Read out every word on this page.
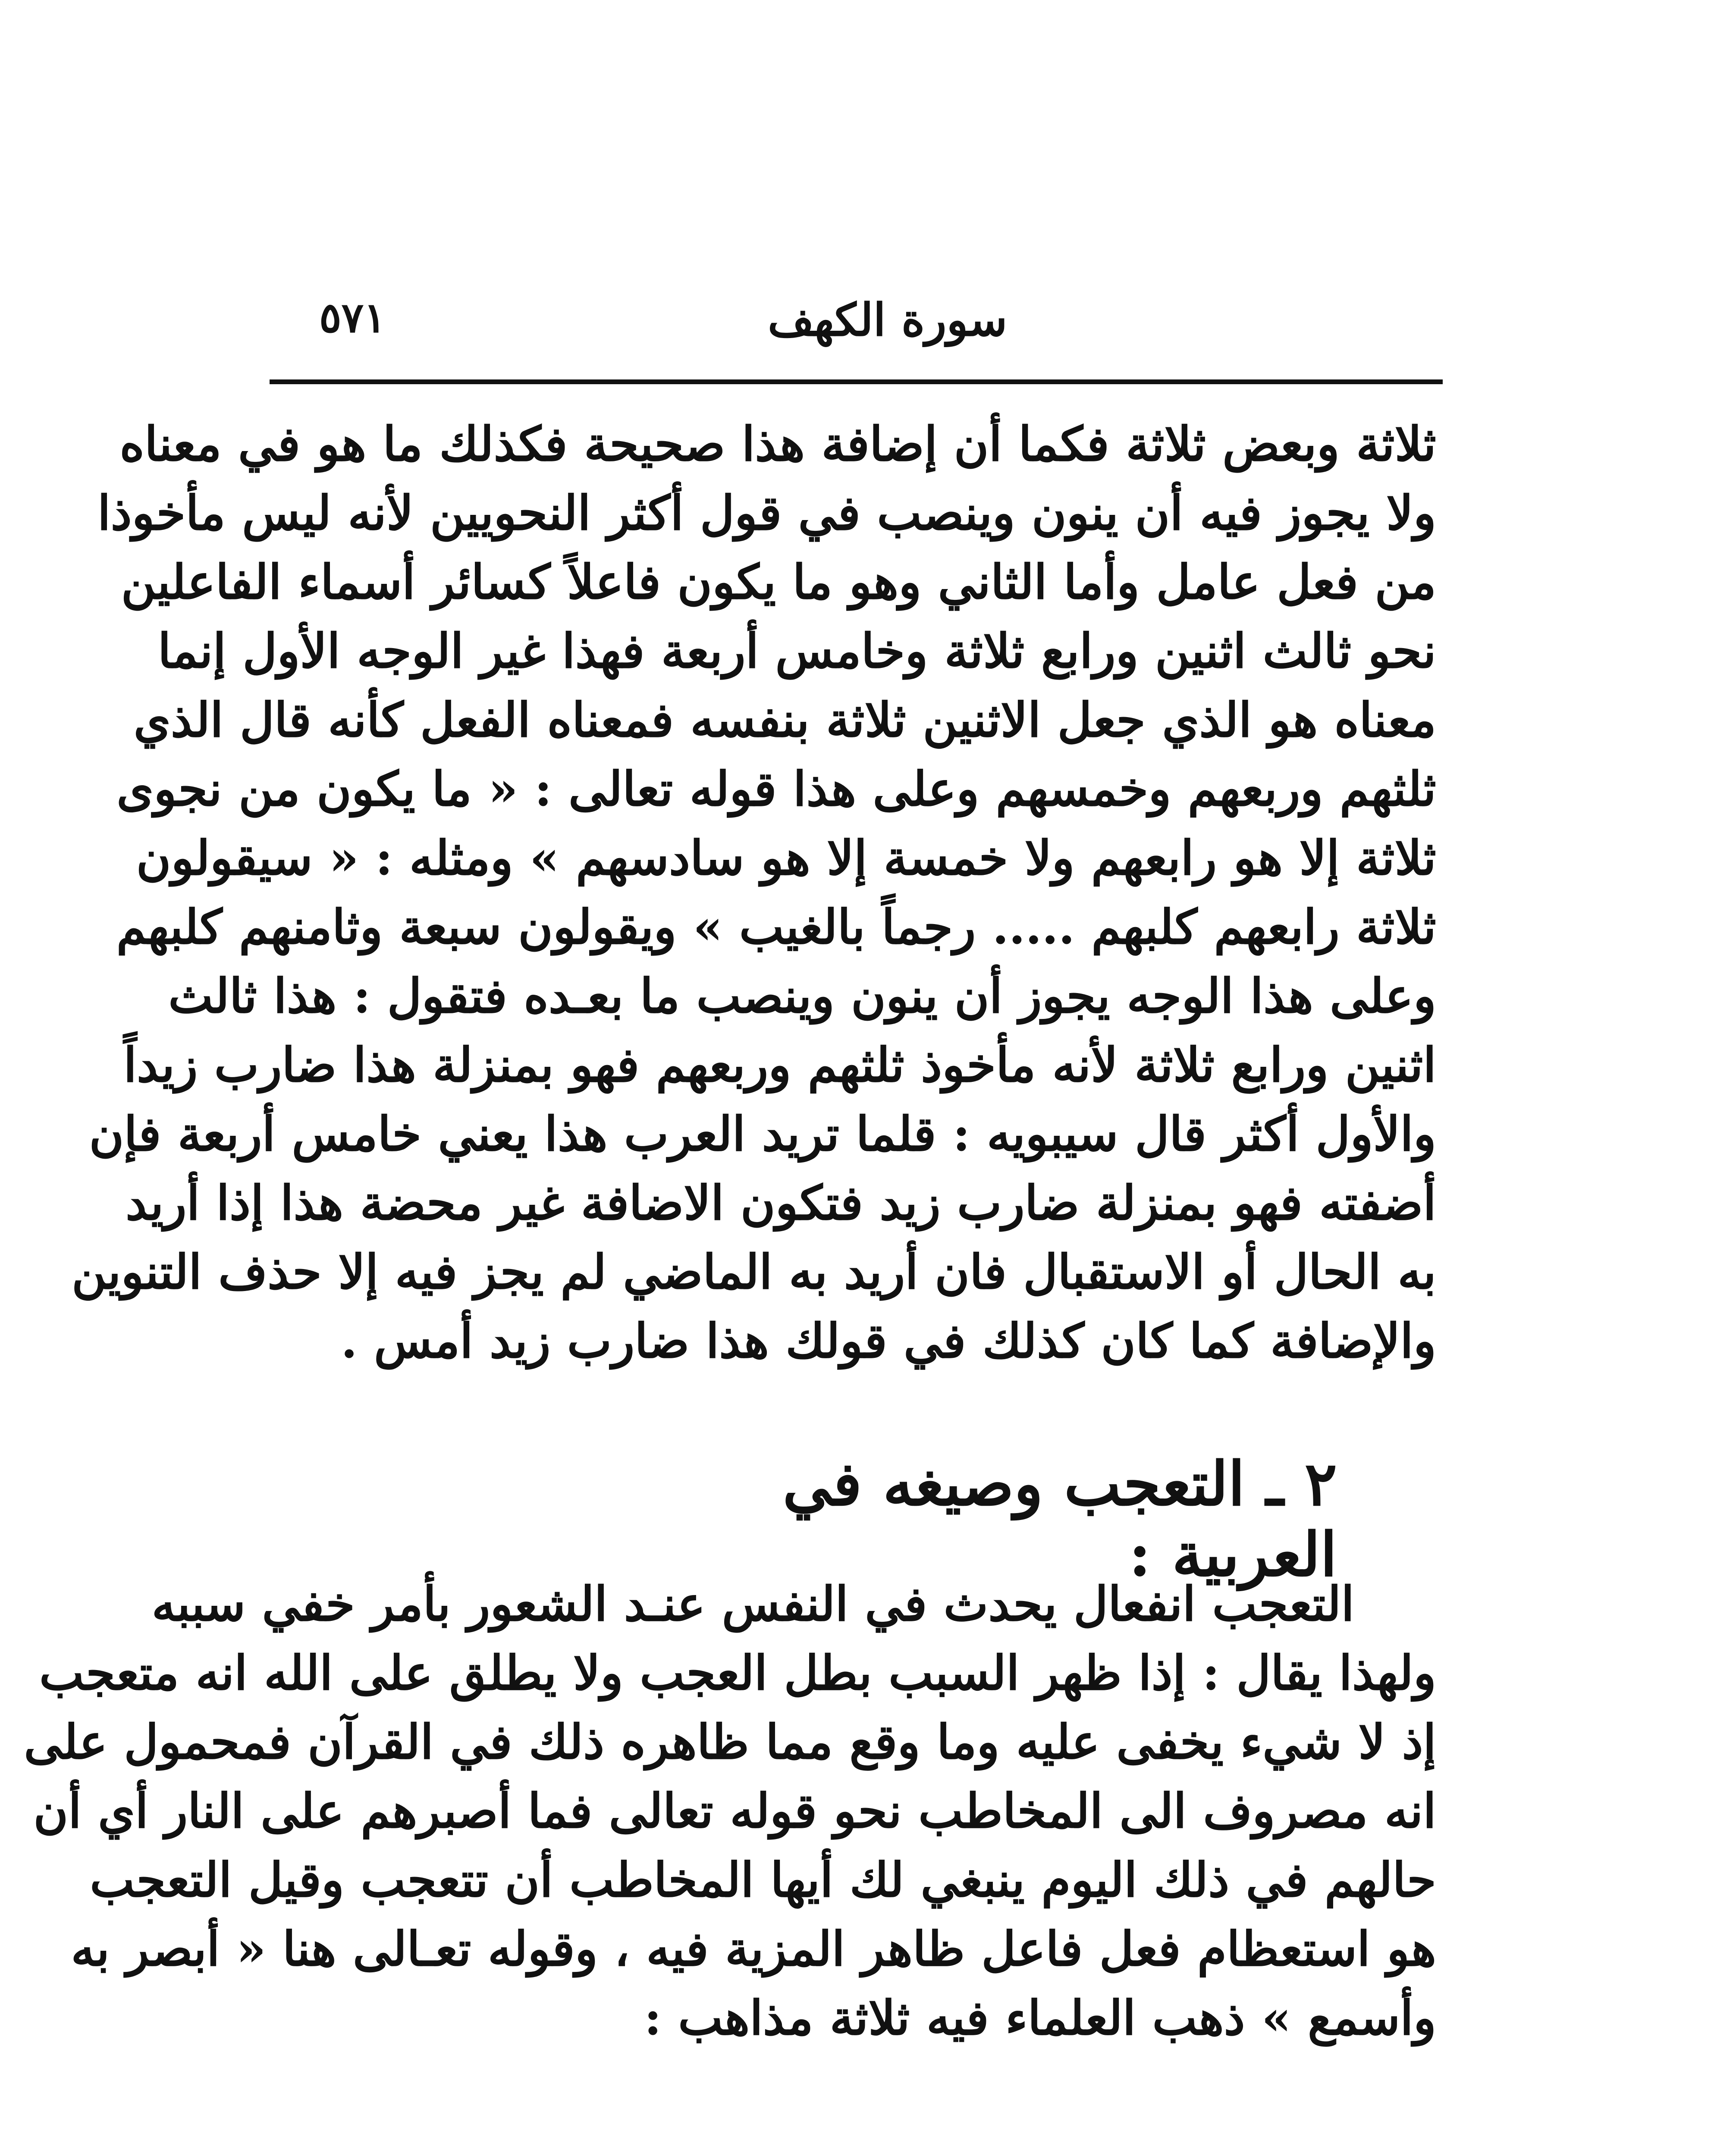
٥٧١	سورة الكهف
ثلاثة وبعض ثلاثة فكما أن إضافة هذا صحيحة فكذلك ما هو في معناه
ولا يجوز فيه أن ينون وينصب في قول أكثر النحويين لأنه ليس مأخوذا
من فعل عامل وأما الثاني وهو ما يكون فاعلاً كسائر أسماء الفاعلين
نحو ثالث اثنين ورابع ثلاثة وخامس أربعة فهذا غير الوجه الأول إنما
معناه هو الذي جعل الاثنين ثلاثة بنفسه فمعناه الفعل كأنه قال الذي
ثلثهم وربعهم وخمسهم وعلى هذا قوله تعالى : « ما يكون من نجوى
ثلاثة إلا هو رابعهم ولا خمسة إلا هو سادسهم » ومثله : « سيقولون
ثلاثة رابعهم كلبهم ..... رجماً بالغيب » ويقولون سبعة وثامنهم كلبهم
وعلى هذا الوجه يجوز أن ينون وينصب ما بعـده فتقول : هذا ثالث
اثنين ورابع ثلاثة لأنه مأخوذ ثلثهم وربعهم فهو بمنزلة هذا ضارب زيداً
والأول أكثر قال سيبويه : قلما تريد العرب هذا يعني خامس أربعة فإن
أضفته فهو بمنزلة ضارب زيد فتكون الاضافة غير محضة هذا إذا أريد
به الحال أو الاستقبال فان أريد به الماضي لم يجز فيه إلا حذف التنوين
والإضافة كما كان كذلك في قولك هذا ضارب زيد أمس .
٢ ـ التعجب وصيغه في العربية :
التعجب انفعال يحدث في النفس عنـد الشعور بأمر خفي سببه
ولهذا يقال : إذا ظهر السبب بطل العجب ولا يطلق على الله انه متعجب
إذ لا شيء يخفى عليه وما وقع مما ظاهره ذلك في القرآن فمحمول على
انه مصروف الى المخاطب نحو قوله تعالى فما أصبرهم على النار أي أن
حالهم في ذلك اليوم ينبغي لك أيها المخاطب أن تتعجب وقيل التعجب
هو استعظام فعل فاعل ظاهر المزية فيه ، وقوله تعـالى هنا « أبصر به
وأسمع » ذهب العلماء فيه ثلاثة مذاهب :
